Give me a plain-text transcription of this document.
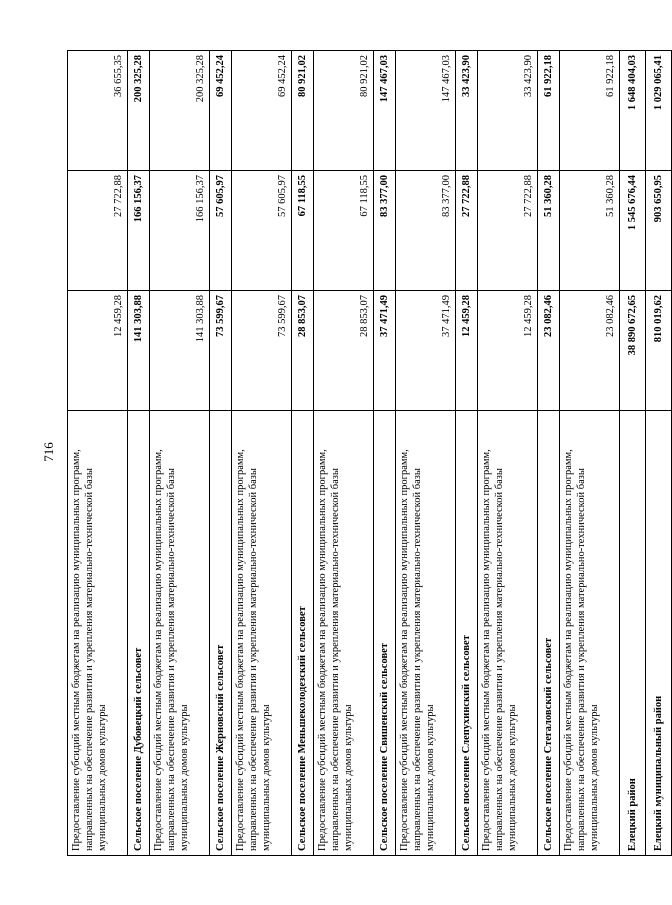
716 Предоставление субсидий местным бюджетам на реализацию муниципальных программ, направленных на обеспечение развития и укрепления материально-технической базы муниципальных домов культуры	12 459,28	27 722,88	36 655,35
Сельское поселение Дубовецкий сельсовет	141 303,88	166 156,37	200 325,28
Предоставление субсидий местным бюджетам на реализацию муниципальных программ, направленных на обеспечение развития и укрепления материально-технической базы муниципальных домов культуры	141 303,88	166 156,37	200 325,28
Сельское поселение Жерновский сельсовет	73 599,67	57 605,97	69 452,24
Предоставление субсидий местным бюджетам на реализацию муниципальных программ, направленных на обеспечение развития и укрепления материально-технической базы муниципальных домов культуры	73 599,67	57 605,97	69 452,24
Сельское поселение Меньшеколодезский сельсовет	28 853,07	67 118,55	80 921,02
Предоставление субсидий местным бюджетам на реализацию муниципальных программ, направленных на обеспечение развития и укрепления материально-технической базы муниципальных домов культуры	28 853,07	67 118,55	80 921,02
Сельское поселение Свишенский сельсовет	37 471,49	83 377,00	147 467,03
Предоставление субсидий местным бюджетам на реализацию муниципальных программ, направленных на обеспечение развития и укрепления материально-технической базы муниципальных домов культуры	37 471,49	83 377,00	147 467,03
Сельское поселение Слепухинский сельсовет	12 459,28	27 722,88	33 423,90
Предоставление субсидий местным бюджетам на реализацию муниципальных программ, направленных на обеспечение развития и укрепления материально-технической базы муниципальных домов культуры	12 459,28	27 722,88	33 423,90
Сельское поселение Стегаловский сельсовет	23 082,46	51 360,28	61 922,18
Предоставление субсидий местным бюджетам на реализацию муниципальных программ, направленных на обеспечение развития и укрепления материально-технической базы муниципальных домов культуры	23 082,46	51 360,28	61 922,18
Елецкий район	38 890 672,65	1 545 676,44	1 648 404,03
Елецкий муниципальный район	810 019,62	903 650,95	1 029 065,41
